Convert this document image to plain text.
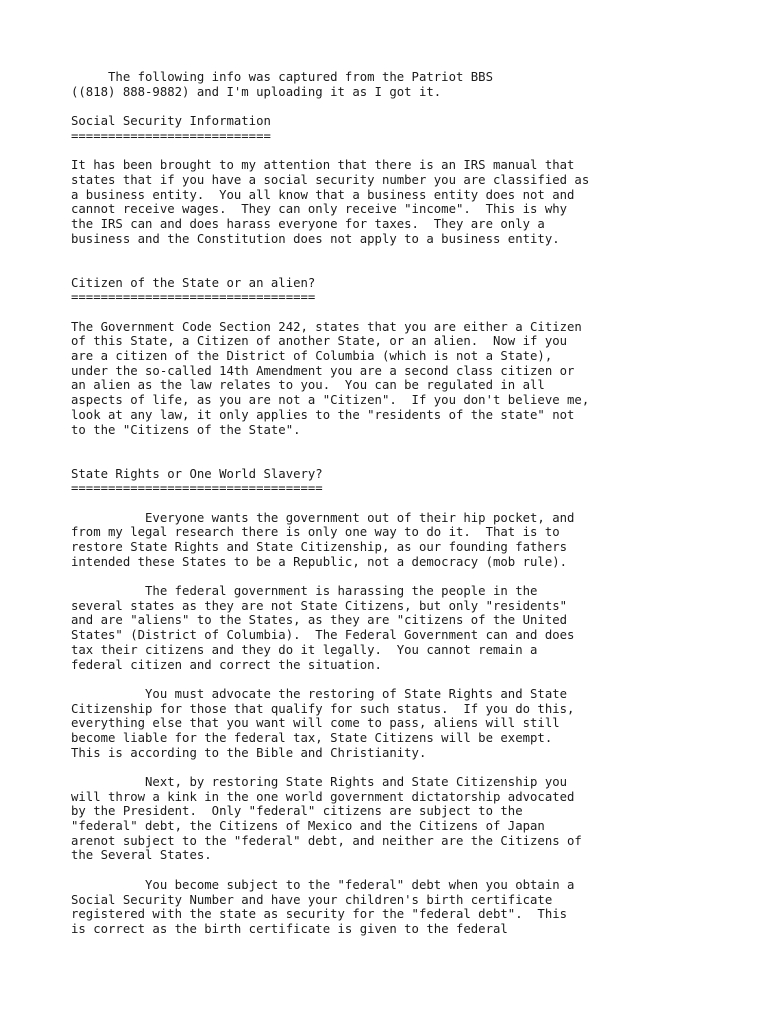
The following info was captured from the Patriot BBS
((818) 888-9882) and I'm uploading it as I got it.
Social Security Information
===========================
It has been brought to my attention that there is an IRS manual that
states that if you have a social security number you are classified as
a business entity.  You all know that a business entity does not and
cannot receive wages.  They can only receive "income".  This is why
the IRS can and does harass everyone for taxes.  They are only a
business and the Constitution does not apply to a business entity.
Citizen of the State or an alien?
=================================
The Government Code Section 242, states that you are either a Citizen
of this State, a Citizen of another State, or an alien.  Now if you
are a citizen of the District of Columbia (which is not a State),
under the so-called 14th Amendment you are a second class citizen or
an alien as the law relates to you.  You can be regulated in all
aspects of life, as you are not a "Citizen".  If you don't believe me,
look at any law, it only applies to the "residents of the state" not
to the "Citizens of the State".
State Rights or One World Slavery?
==================================
Everyone wants the government out of their hip pocket, and
from my legal research there is only one way to do it.  That is to
restore State Rights and State Citizenship, as our founding fathers
intended these States to be a Republic, not a democracy (mob rule).
The federal government is harassing the people in the
several states as they are not State Citizens, but only "residents"
and are "aliens" to the States, as they are "citizens of the United
States" (District of Columbia).  The Federal Government can and does
tax their citizens and they do it legally.  You cannot remain a
federal citizen and correct the situation.
You must advocate the restoring of State Rights and State
Citizenship for those that qualify for such status.  If you do this,
everything else that you want will come to pass, aliens will still
become liable for the federal tax, State Citizens will be exempt.
This is according to the Bible and Christianity.
Next, by restoring State Rights and State Citizenship you
will throw a kink in the one world government dictatorship advocated
by the President.  Only "federal" citizens are subject to the
"federal" debt, the Citizens of Mexico and the Citizens of Japan
arenot subject to the "federal" debt, and neither are the Citizens of
the Several States.
You become subject to the "federal" debt when you obtain a
Social Security Number and have your children's birth certificate
registered with the state as security for the "federal debt".  This
is correct as the birth certificate is given to the federal
